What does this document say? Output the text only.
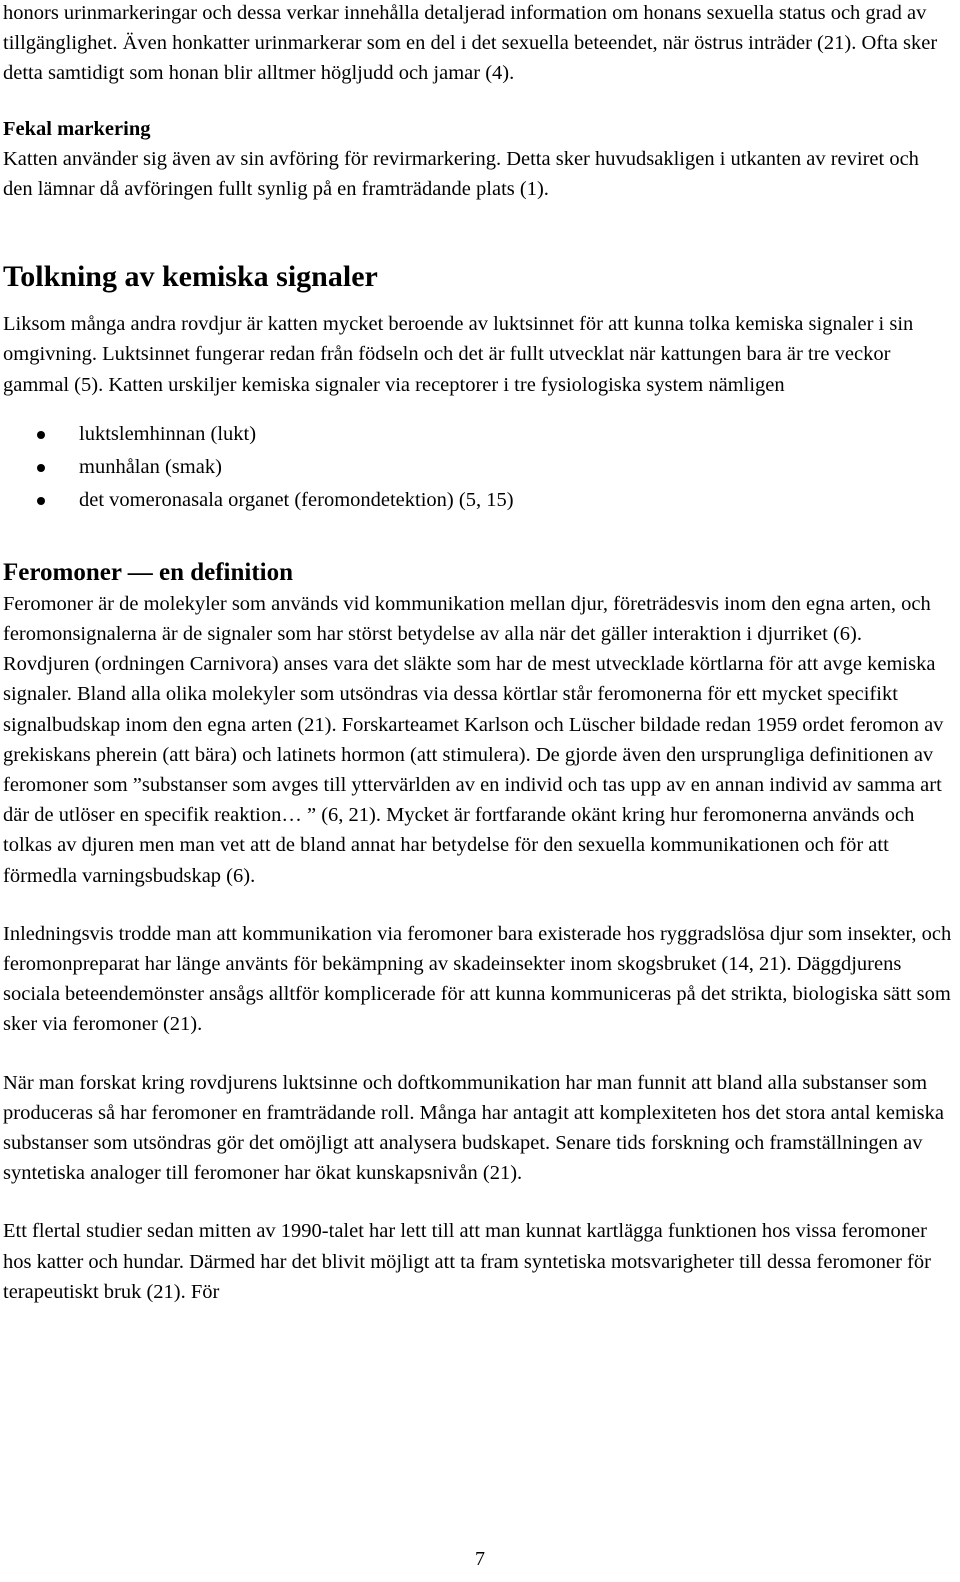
honors urinmarkeringar och dessa verkar innehålla detaljerad information om honans sexuella status och grad av tillgänglighet. Även honkatter urinmarkerar som en del i det sexuella beteendet, när östrus inträder (21). Ofta sker detta samtidigt som honan blir alltmer högljudd och jamar (4).

Fekal markering

Katten använder sig även av sin avföring för revirmarkering. Detta sker huvudsakligen i utkanten av reviret och den lämnar då avföringen fullt synlig på en framträdande plats (1).

Tolkning av kemiska signaler

Liksom många andra rovdjur är katten mycket beroende av luktsinnet för att kunna tolka kemiska signaler i sin omgivning. Luktsinnet fungerar redan från födseln och det är fullt utvecklat när kattungen bara är tre veckor gammal (5). Katten urskiljer kemiska signaler via receptorer i tre fysiologiska system nämligen

luktslemhinnan (lukt)
munhålan (smak)
det vomeronasala organet (feromondetektion) (5, 15)
Feromoner — en definition

Feromoner är de molekyler som används vid kommunikation mellan djur, företrädesvis inom den egna arten, och feromonsignalerna är de signaler som har störst betydelse av alla när det gäller interaktion i djurriket (6). Rovdjuren (ordningen Carnivora) anses vara det släkte som har de mest utvecklade körtlarna för att avge kemiska signaler. Bland alla olika molekyler som utsöndras via dessa körtlar står feromonerna för ett mycket specifikt signalbudskap inom den egna arten (21). Forskarteamet Karlson och Lüscher bildade redan 1959 ordet feromon av grekiskans pherein (att bära) och latinets hormon (att stimulera). De gjorde även den ursprungliga definitionen av feromoner som ”substanser som avges till yttervärlden av en individ och tas upp av en annan individ av samma art där de utlöser en specifik reaktion… ” (6, 21). Mycket är fortfarande okänt kring hur feromonerna används och tolkas av djuren men man vet att de bland annat har betydelse för den sexuella kommunikationen och för att förmedla varningsbudskap (6).

Inledningsvis trodde man att kommunikation via feromoner bara existerade hos ryggradslösa djur som insekter, och feromonpreparat har länge använts för bekämpning av skadeinsekter inom skogsbruket (14, 21). Däggdjurens sociala beteendemönster ansågs alltför komplicerade för att kunna kommuniceras på det strikta, biologiska sätt som sker via feromoner (21).

När man forskat kring rovdjurens luktsinne och doftkommunikation har man funnit att bland alla substanser som produceras så har feromoner en framträdande roll. Många har antagit att komplexiteten hos det stora antal kemiska substanser som utsöndras gör det omöjligt att analysera budskapet. Senare tids forskning och framställningen av syntetiska analoger till feromoner har ökat kunskapsnivån (21).

Ett flertal studier sedan mitten av 1990-talet har lett till att man kunnat kartlägga funktionen hos vissa feromoner hos katter och hundar. Därmed har det blivit möjligt att ta fram syntetiska motsvarigheter till dessa feromoner för terapeutiskt bruk (21). För

7
